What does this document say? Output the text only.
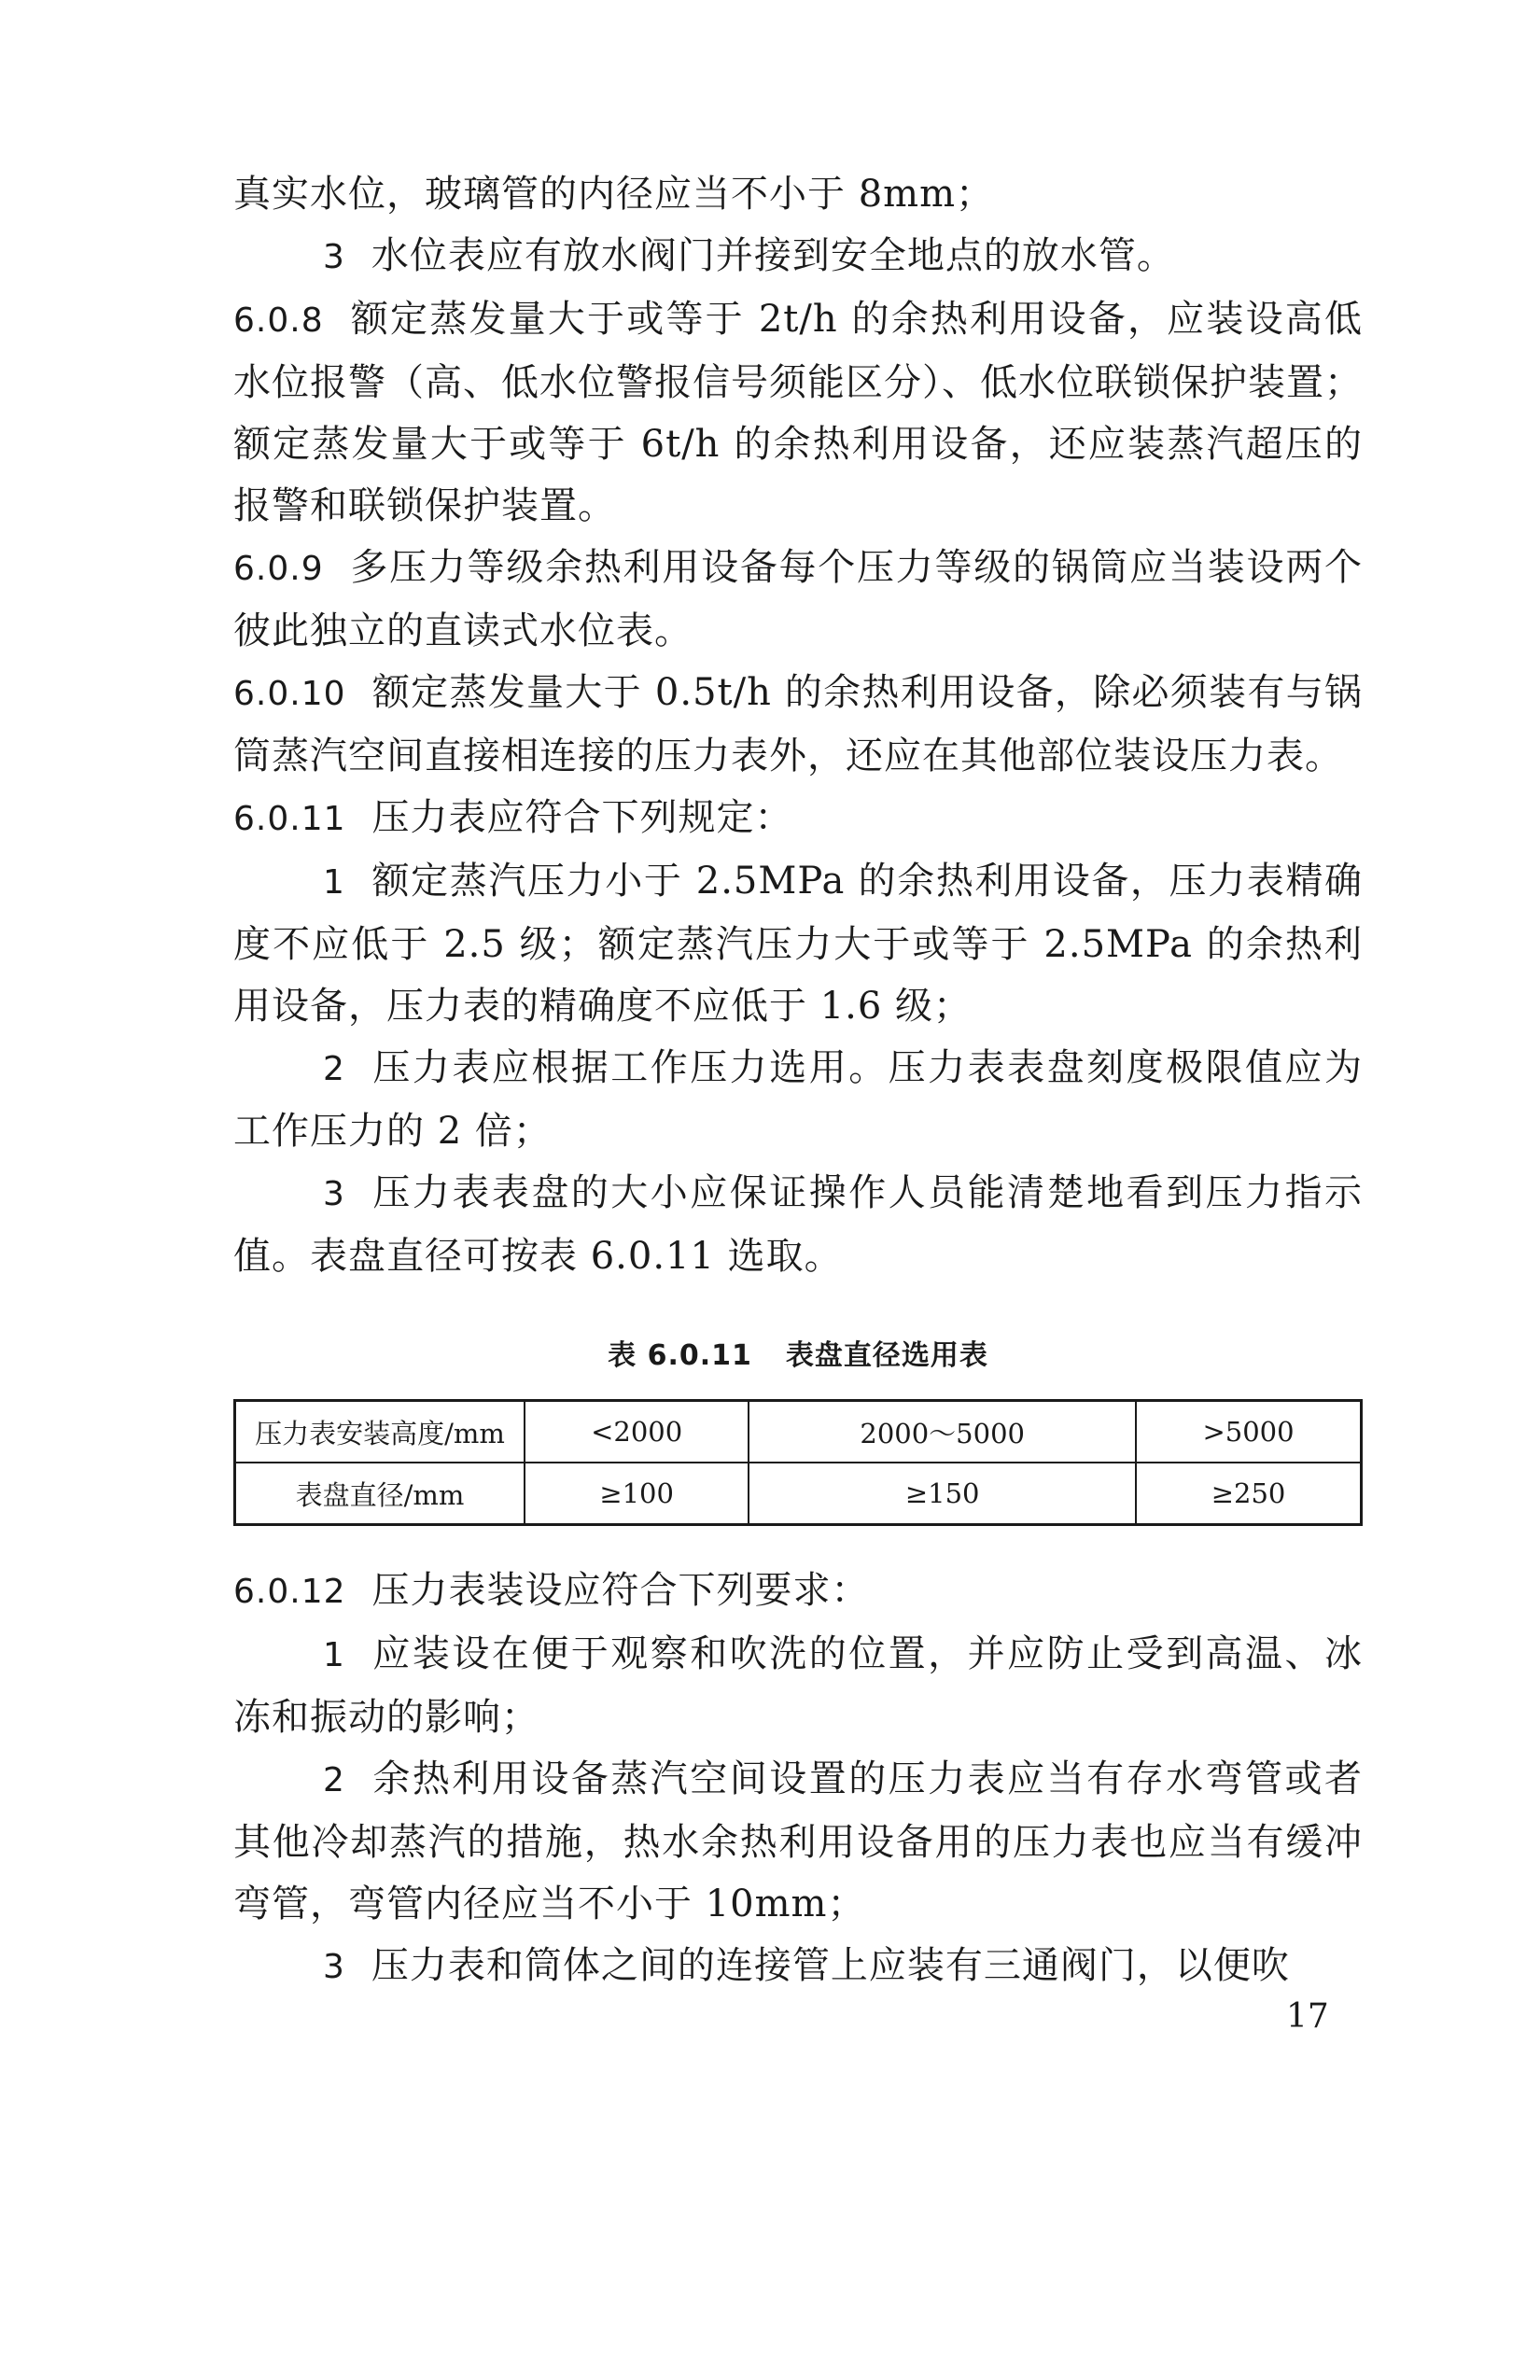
真实水位，玻璃管的内径应当不小于 8mm；

3 水位表应有放水阀门并接到安全地点的放水管。

6.0.8 额定蒸发量大于或等于 2t/h 的余热利用设备，应装设高低水位报警（高、低水位警报信号须能区分）、低水位联锁保护装置；额定蒸发量大于或等于 6t/h 的余热利用设备，还应装蒸汽超压的报警和联锁保护装置。

6.0.9 多压力等级余热利用设备每个压力等级的锅筒应当装设两个彼此独立的直读式水位表。

6.0.10 额定蒸发量大于 0.5t/h 的余热利用设备，除必须装有与锅筒蒸汽空间直接相连接的压力表外，还应在其他部位装设压力表。

6.0.11 压力表应符合下列规定：

1 额定蒸汽压力小于 2.5MPa 的余热利用设备，压力表精确度不应低于 2.5 级；额定蒸汽压力大于或等于 2.5MPa 的余热利用设备，压力表的精确度不应低于 1.6 级；

2 压力表应根据工作压力选用。压力表表盘刻度极限值应为工作压力的 2 倍；

3 压力表表盘的大小应保证操作人员能清楚地看到压力指示值。表盘直径可按表 6.0.11 选取。

表 6.0.11 表盘直径选用表
压力表安装高度/mm	<2000	2000～5000	>5000
表盘直径/mm	≥100	≥150	≥250

6.0.12 压力表装设应符合下列要求：

1 应装设在便于观察和吹洗的位置，并应防止受到高温、冰冻和振动的影响；

2 余热利用设备蒸汽空间设置的压力表应当有存水弯管或者其他冷却蒸汽的措施，热水余热利用设备用的压力表也应当有缓冲弯管，弯管内径应当不小于 10mm；

3 压力表和筒体之间的连接管上应装有三通阀门，以便吹

17
